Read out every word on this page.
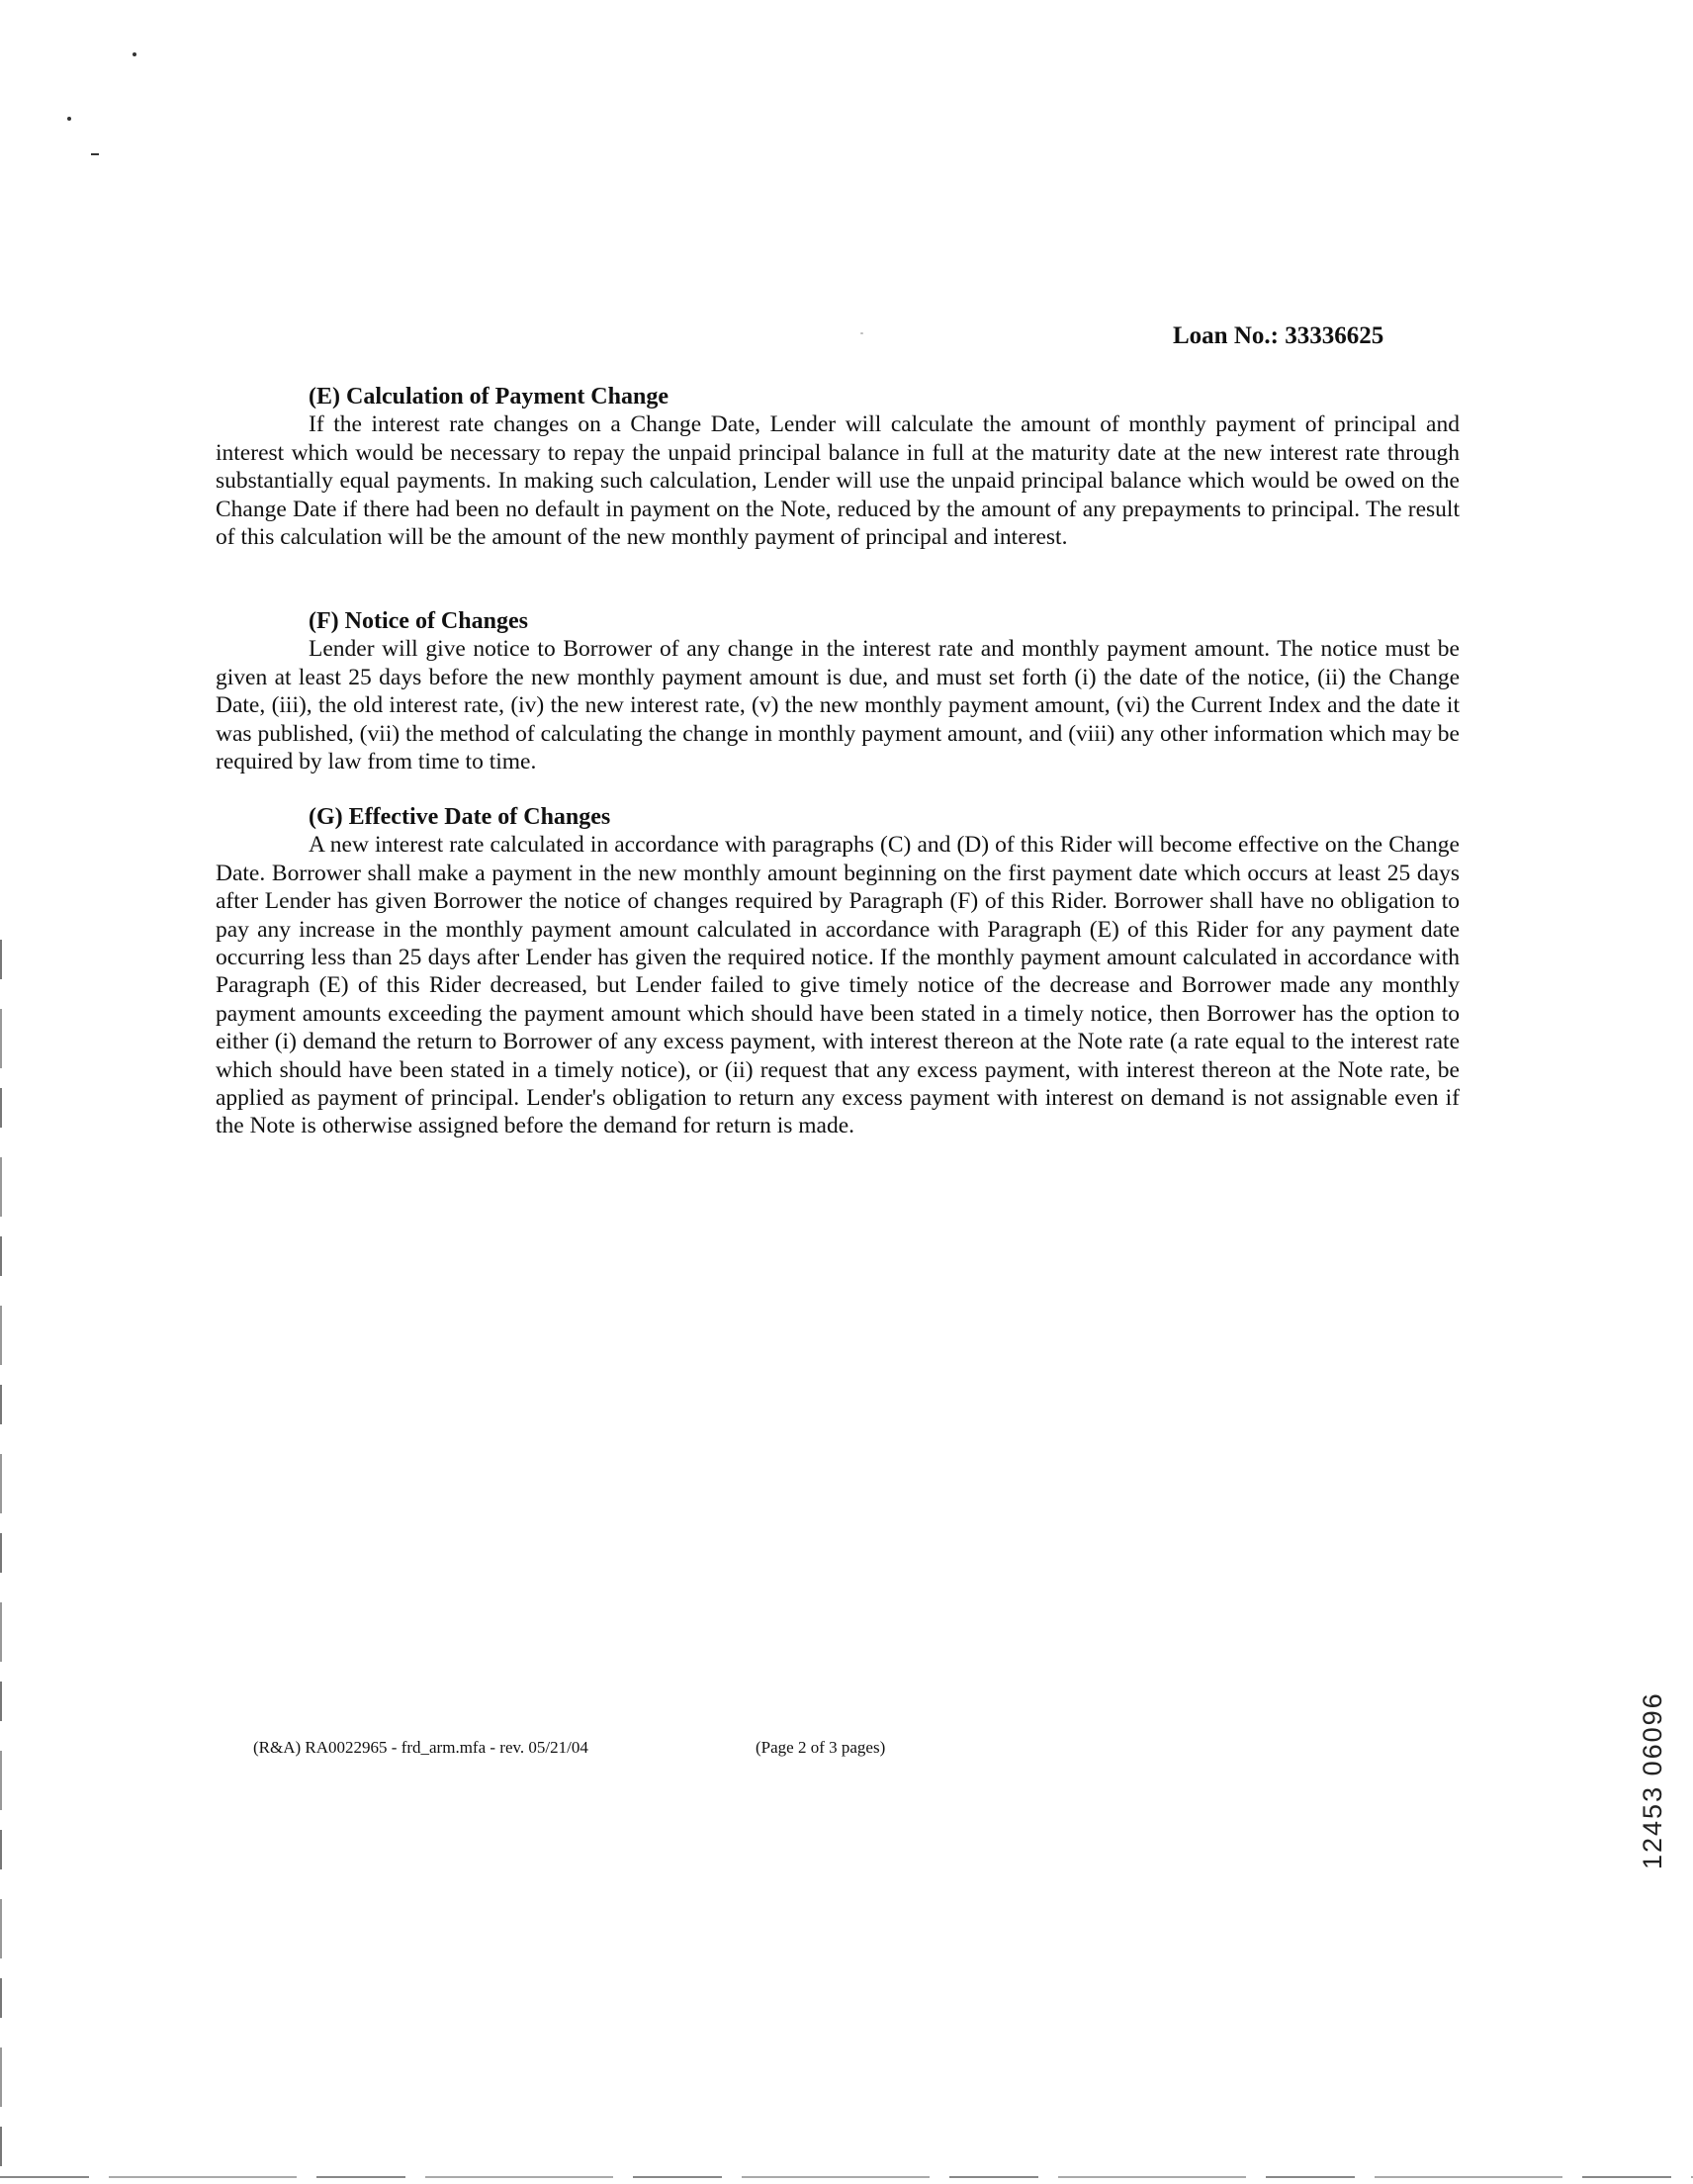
Loan No.: 33336625
(E) Calculation of Payment Change

If the interest rate changes on a Change Date, Lender will calculate the amount of monthly payment of principal and interest which would be necessary to repay the unpaid principal balance in full at the maturity date at the new interest rate through substantially equal payments. In making such calculation, Lender will use the unpaid principal balance which would be owed on the Change Date if there had been no default in payment on the Note, reduced by the amount of any prepayments to principal. The result of this calculation will be the amount of the new monthly payment of principal and interest.

(F) Notice of Changes

Lender will give notice to Borrower of any change in the interest rate and monthly payment amount. The notice must be given at least 25 days before the new monthly payment amount is due, and must set forth (i) the date of the notice, (ii) the Change Date, (iii), the old interest rate, (iv) the new interest rate, (v) the new monthly payment amount, (vi) the Current Index and the date it was published, (vii) the method of calculating the change in monthly payment amount, and (viii) any other information which may be required by law from time to time.

(G) Effective Date of Changes

A new interest rate calculated in accordance with paragraphs (C) and (D) of this Rider will become effective on the Change Date. Borrower shall make a payment in the new monthly amount beginning on the first payment date which occurs at least 25 days after Lender has given Borrower the notice of changes required by Paragraph (F) of this Rider. Borrower shall have no obligation to pay any increase in the monthly payment amount calculated in accordance with Paragraph (E) of this Rider for any payment date occurring less than 25 days after Lender has given the required notice. If the monthly payment amount calculated in accordance with Paragraph (E) of this Rider decreased, but Lender failed to give timely notice of the decrease and Borrower made any monthly payment amounts exceeding the payment amount which should have been stated in a timely notice, then Borrower has the option to either (i) demand the return to Borrower of any excess payment, with interest thereon at the Note rate (a rate equal to the interest rate which should have been stated in a timely notice), or (ii) request that any excess payment, with interest thereon at the Note rate, be applied as payment of principal. Lender's obligation to return any excess payment with interest on demand is not assignable even if the Note is otherwise assigned before the demand for return is made.

(R&A) RA0022965 - frd_arm.mfa - rev. 05/21/04	(Page 2 of 3 pages)	12453 06096
